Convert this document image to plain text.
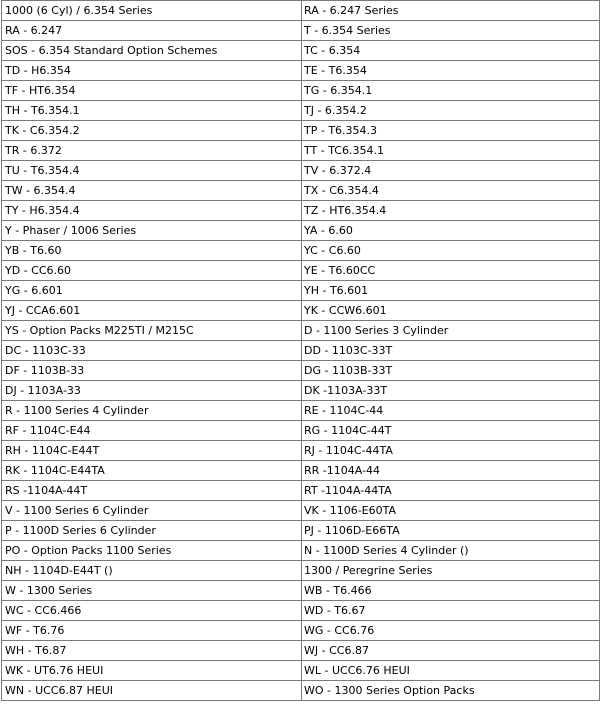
1000 (6 Cyl) / 6.354 Series	RA - 6.247 Series
RA - 6.247	T - 6.354 Series
SOS - 6.354 Standard Option Schemes	TC - 6.354
TD - H6.354	TE - T6.354
TF - HT6.354	TG - 6.354.1
TH - T6.354.1	TJ - 6.354.2
TK - C6.354.2	TP - T6.354.3
TR - 6.372	TT - TC6.354.1
TU - T6.354.4	TV - 6.372.4
TW - 6.354.4	TX - C6.354.4
TY - H6.354.4	TZ - HT6.354.4
Y - Phaser / 1006 Series	YA - 6.60
YB - T6.60	YC - C6.60
YD - CC6.60	YE - T6.60CC
YG - 6.601	YH - T6.601
YJ - CCA6.601	YK - CCW6.601
YS - Option Packs M225TI / M215C	D - 1100 Series 3 Cylinder
DC - 1103C-33	DD - 1103C-33T
DF - 1103B-33	DG - 1103B-33T
DJ - 1103A-33	DK -1103A-33T
R - 1100 Series 4 Cylinder	RE - 1104C-44
RF - 1104C-E44	RG - 1104C-44T
RH - 1104C-E44T	RJ - 1104C-44TA
RK - 1104C-E44TA	RR -1104A-44
RS -1104A-44T	RT -1104A-44TA
V - 1100 Series 6 Cylinder	VK - 1106-E60TA
P - 1100D Series 6 Cylinder	PJ - 1106D-E66TA
PO - Option Packs 1100 Series	N - 1100D Series 4 Cylinder ()
NH - 1104D-E44T ()	1300 / Peregrine Series
W - 1300 Series	WB - T6.466
WC - CC6.466	WD - T6.67
WF - T6.76	WG - CC6.76
WH - T6.87	WJ - CC6.87
WK - UT6.76 HEUI	WL - UCC6.76 HEUI
WN - UCC6.87 HEUI	WO - 1300 Series Option Packs
